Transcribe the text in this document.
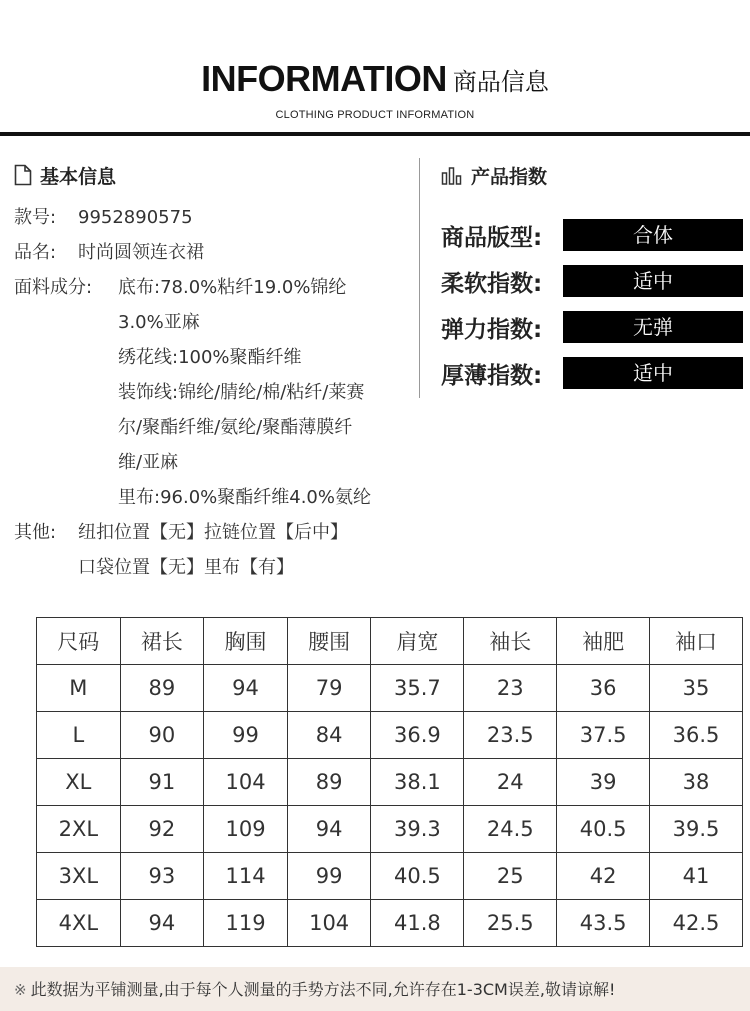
INFORMATION 商品信息
CLOTHING PRODUCT INFORMATION
基本信息
款号: 9952890575
品名: 时尚圆领连衣裙
面料成分: 底布:78.0%粘纤19.0%锦纶
3.0%亚麻
绣花线:100%聚酯纤维
装饰线:锦纶/腈纶/棉/粘纤/莱赛
尔/聚酯纤维/氨纶/聚酯薄膜纤
维/亚麻
里布:96.0%聚酯纤维4.0%氨纶
其他: 纽扣位置【无】拉链位置【后中】
口袋位置【无】里布【有】
产品指数
商品版型:	合体
柔软指数:	适中
弹力指数:	无弹
厚薄指数:	适中
尺码	裙长	胸围	腰围	肩宽	袖长	袖肥	袖口
M	89	94	79	35.7	23	36	35
L	90	99	84	36.9	23.5	37.5	36.5
XL	91	104	89	38.1	24	39	38
2XL	92	109	94	39.3	24.5	40.5	39.5
3XL	93	114	99	40.5	25	42	41
4XL	94	119	104	41.8	25.5	43.5	42.5
※ 此数据为平铺测量,由于每个人测量的手势方法不同,允许存在1-3CM误差,敬请谅解!
